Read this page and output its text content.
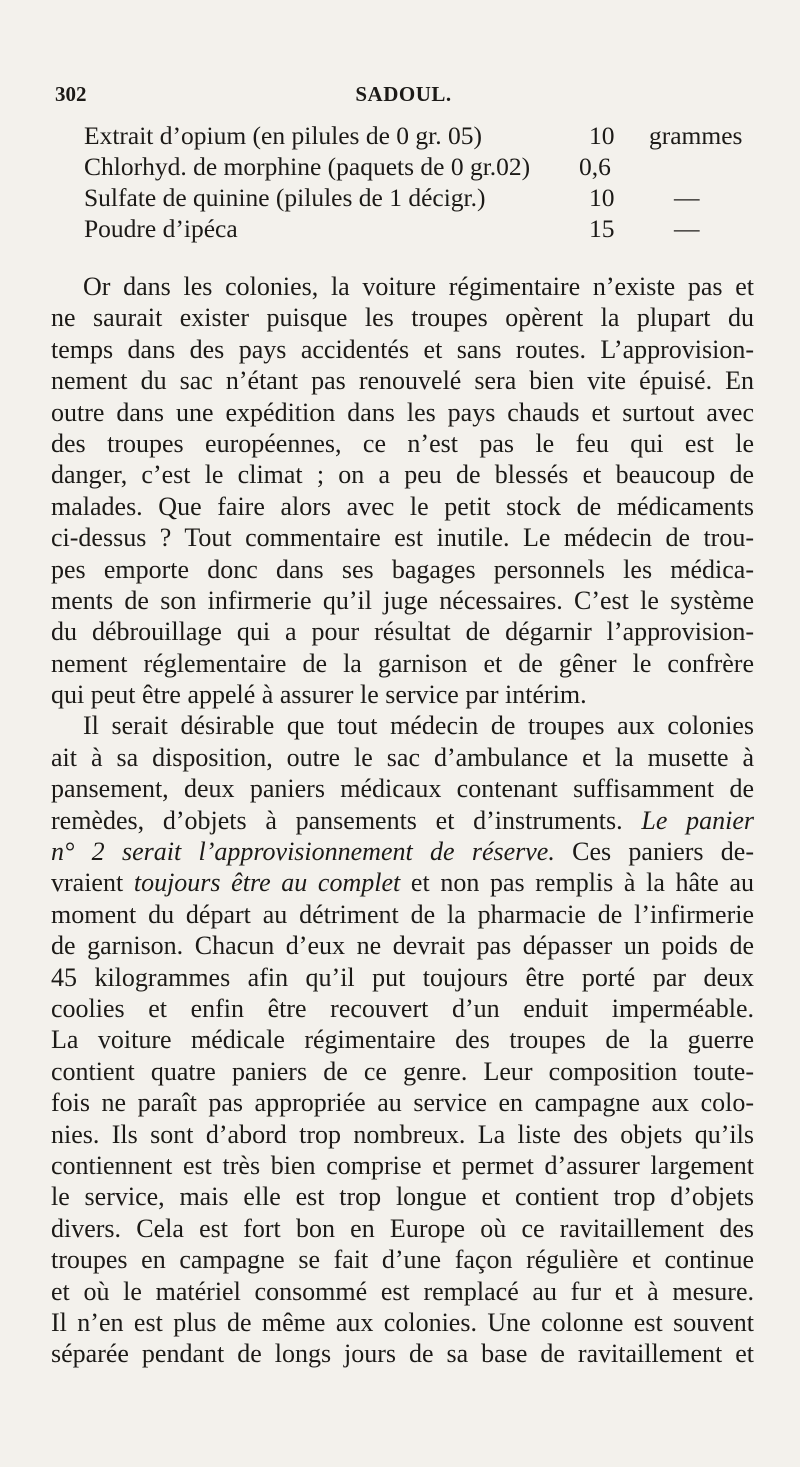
302	SADOUL.
Extrait d’opium (en pilules de 0 gr. 05)	10 grammes
Chlorhyd. de morphine (paquets de 0 gr.02) 0,6
Sulfate de quinine (pilules de 1 décigr.)	10 —
Poudre d’ipéca	15 —
Or dans les colonies, la voiture régimentaire n’existe pas et
ne saurait exister puisque les troupes opèrent la plupart du
temps dans des pays accidentés et sans routes. L’approvision-
nement du sac n’étant pas renouvelé sera bien vite épuisé. En
outre dans une expédition dans les pays chauds et surtout avec
des troupes européennes, ce n’est pas le feu qui est le
danger, c’est le climat ; on a peu de blessés et beaucoup de
malades. Que faire alors avec le petit stock de médicaments
ci-dessus ? Tout commentaire est inutile. Le médecin de trou-
pes emporte donc dans ses bagages personnels les médica-
ments de son infirmerie qu’il juge nécessaires. C’est le système
du débrouillage qui a pour résultat de dégarnir l’approvision-
nement réglementaire de la garnison et de gêner le confrère
qui peut être appelé à assurer le service par intérim.
Il serait désirable que tout médecin de troupes aux colonies
ait à sa disposition, outre le sac d’ambulance et la musette à
pansement, deux paniers médicaux contenant suffisamment de
remèdes, d’objets à pansements et d’instruments. Le panier
n° 2 serait l’approvisionnement de réserve. Ces paniers de-
vraient toujours être au complet et non pas remplis à la hâte au
moment du départ au détriment de la pharmacie de l’infirmerie
de garnison. Chacun d’eux ne devrait pas dépasser un poids de
45 kilogrammes afin qu’il put toujours être porté par deux
coolies et enfin être recouvert d’un enduit imperméable.
La voiture médicale régimentaire des troupes de la guerre
contient quatre paniers de ce genre. Leur composition toute-
fois ne paraît pas appropriée au service en campagne aux colo-
nies. Ils sont d’abord trop nombreux. La liste des objets qu’ils
contiennent est très bien comprise et permet d’assurer largement
le service, mais elle est trop longue et contient trop d’objets
divers. Cela est fort bon en Europe où ce ravitaillement des
troupes en campagne se fait d’une façon régulière et continue
et où le matériel consommé est remplacé au fur et à mesure.
Il n’en est plus de même aux colonies. Une colonne est souvent
séparée pendant de longs jours de sa base de ravitaillement et
